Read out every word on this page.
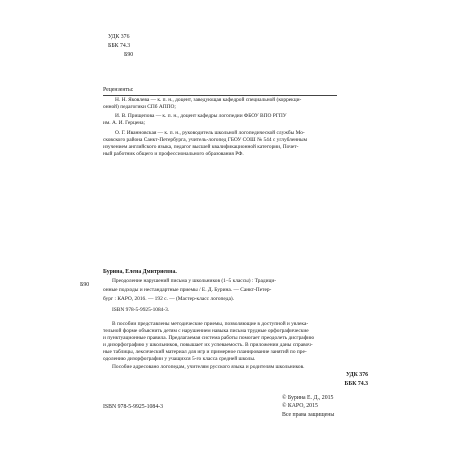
УДК 376
ББК 74.3
Б90
Рецензенты:
Н. Н. Яковлева — к. п. н., доцент, заведующая кафедрой специальной (коррекци-
онной) педагогики СПб АППО;
И. В. Прищепова — к. п. н., доцент кафедры логопедии ФБОУ ВПО РГПУ
им. А. И. Герцена;
О. Г. Иванновская — к. п. н., руководитель школьной логопедической службы Мо-
сковского района Санкт-Петербурга, учитель-логопед ГБОУ СОШ № 544 с углубленным
изучением английского языка, педагог высшей квалификационной категории, Почет-
ный работник общего и профессионального образования РФ.
Б90
Бурина, Елена Дмитриевна.
Преодоление нарушений письма у школьников (1–5 классы) : Традици-
онные подходы и нестандартные приемы / Е. Д. Бурина. — Санкт-Петер-
бург : КАРО, 2016. — 192 с. — (Мастер-класс логопеда).
ISBN 978-5-9925-1084-3.
В пособии представлены методические приемы, позволяющие в доступной и увлека-
тельной форме объяснить детям с нарушением навыка письма трудные орфографические
и пунктуационные правила. Предлагаемая система работы помогает преодолеть дисграфию
и дизорфографию у школьников, повышает их успеваемость. В приложении даны справоч-
ные таблицы, лексический материал для игр и примерное планирование занятий по пре-
одолению дизорфографии у учащихся 5-го класса средней школы.
Пособие адресовано логопедам, учителям русского языка и родителям школьников.
УДК 376
ББК 74.3
ISBN 978-5-9925-1084-3
© Бурина Е. Д., 2015
© КАРО, 2015
Все права защищены
